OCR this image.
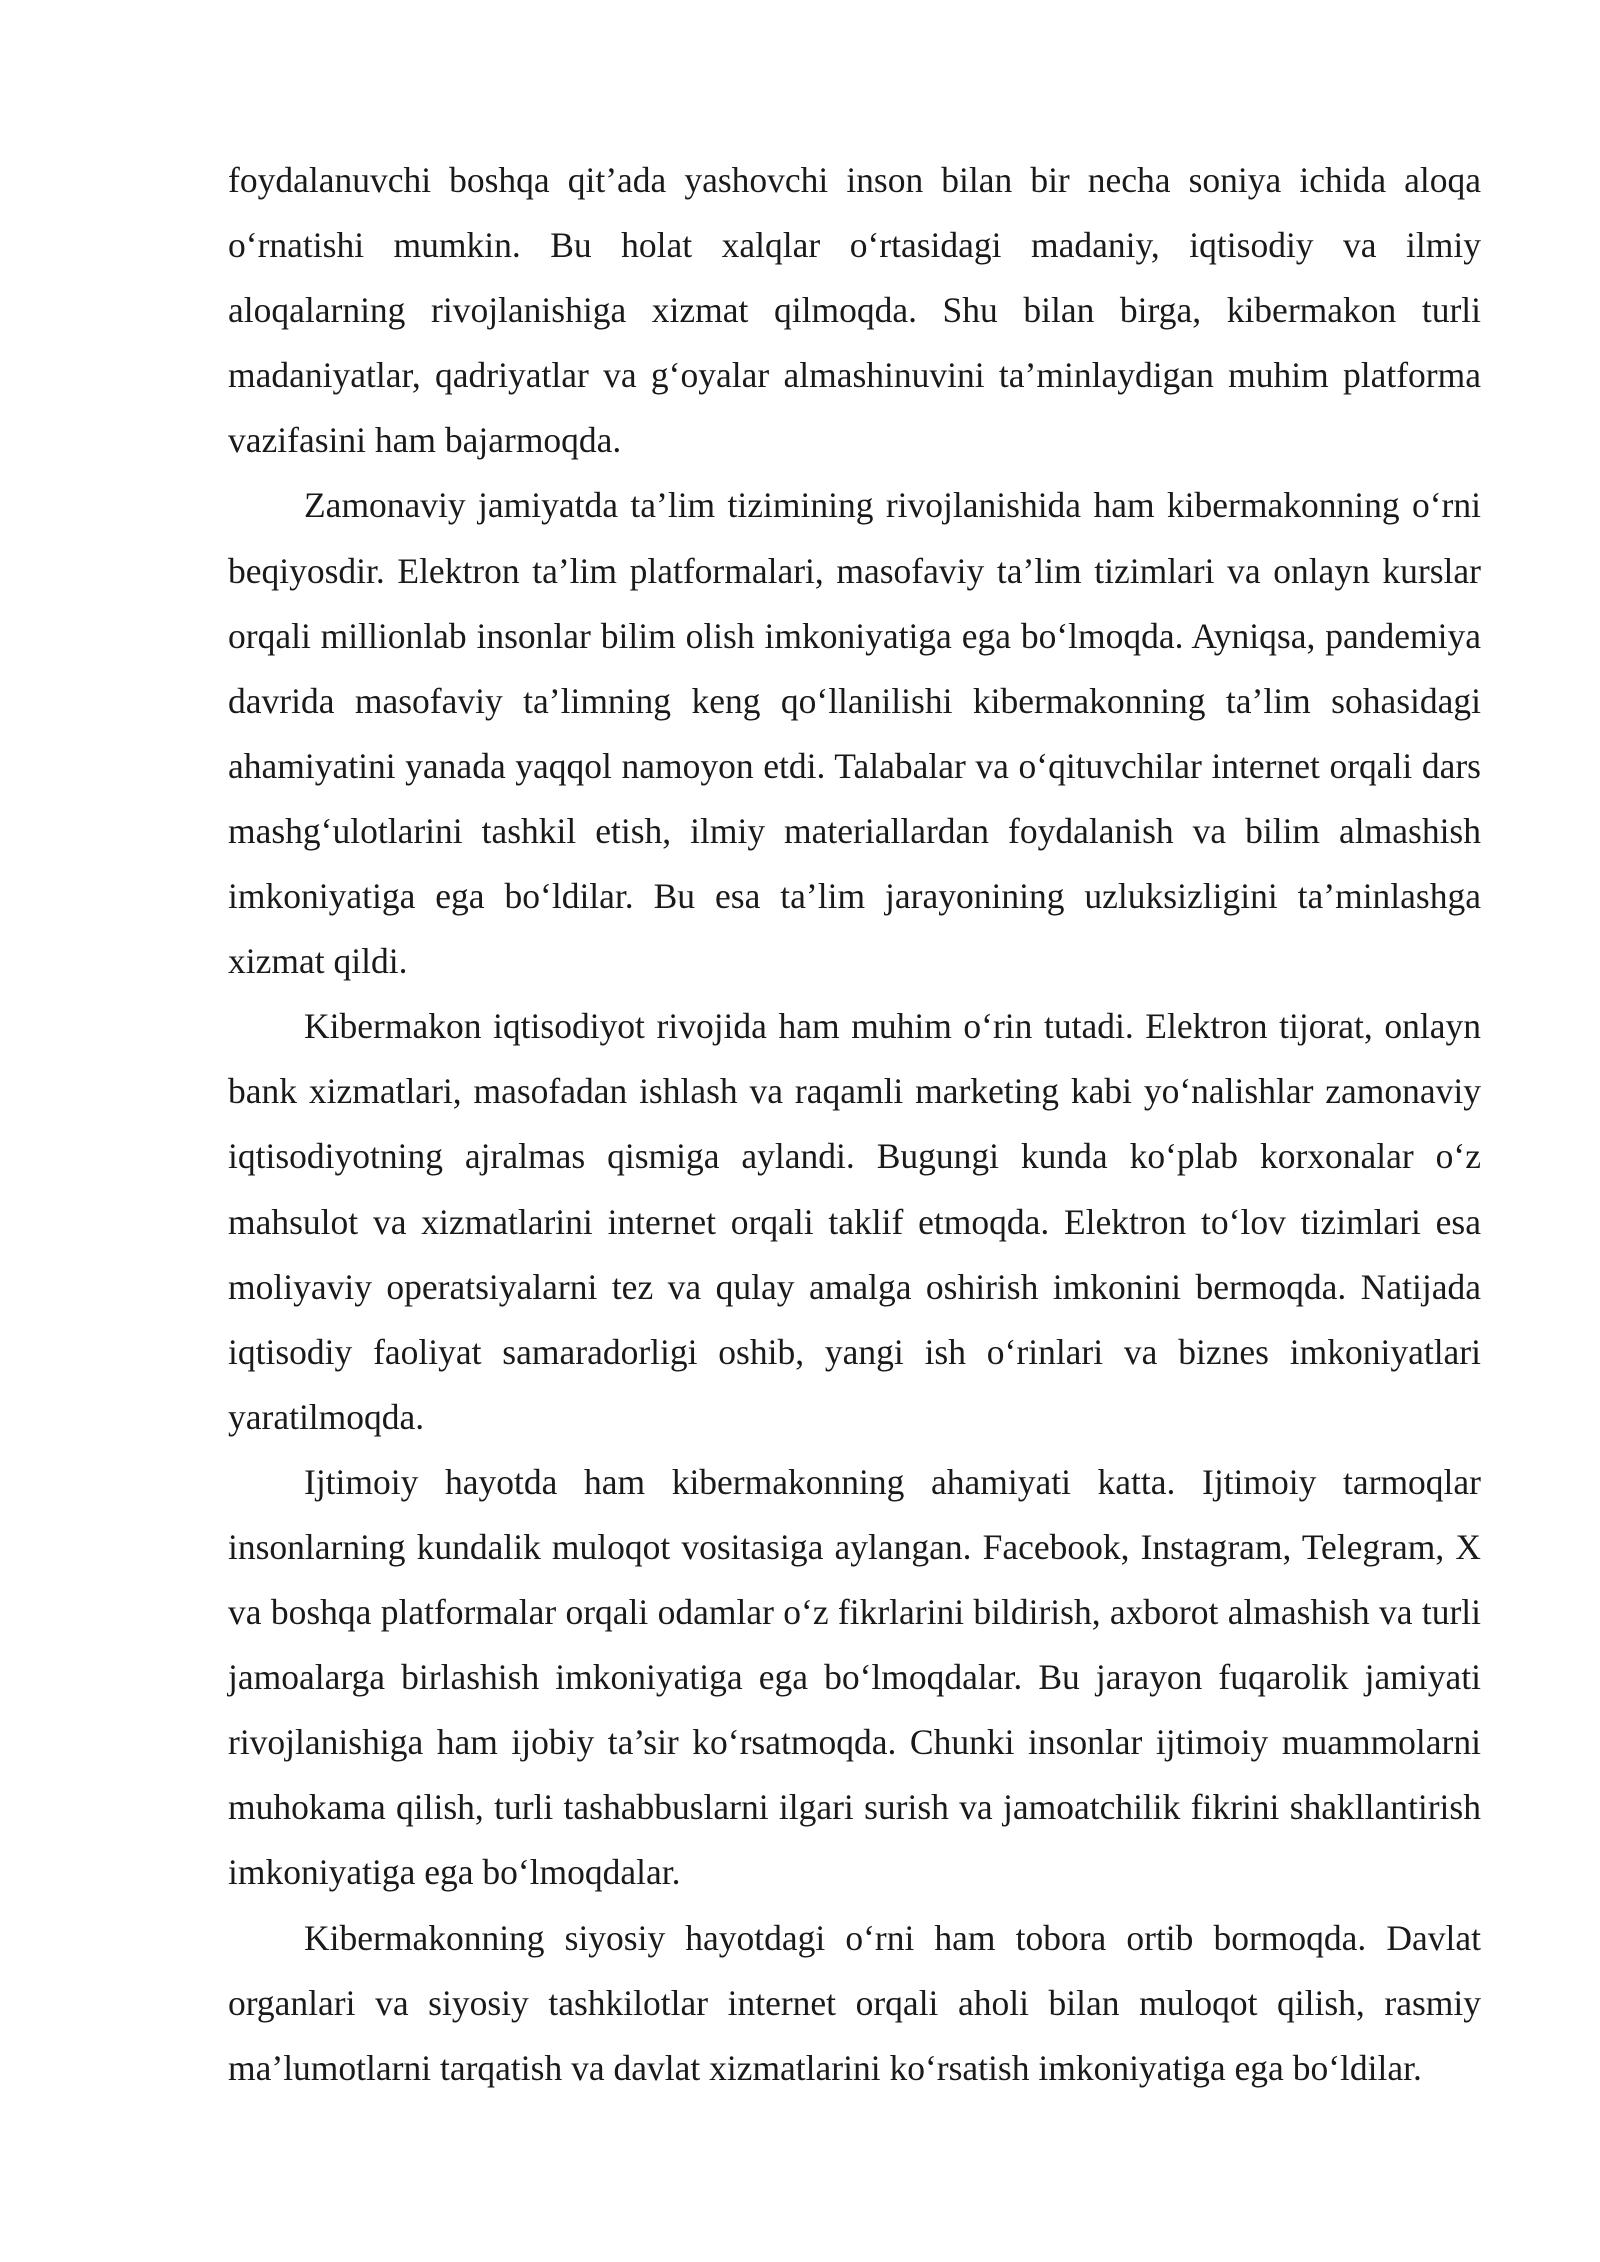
foydalanuvchi boshqa qit’ada yashovchi inson bilan bir necha soniya ichida aloqa o‘rnatishi mumkin. Bu holat xalqlar o‘rtasidagi madaniy, iqtisodiy va ilmiy aloqalarning rivojlanishiga xizmat qilmoqda. Shu bilan birga, kibermakon turli madaniyatlar, qadriyatlar va g‘oyalar almashinuvini ta’minlaydigan muhim platforma vazifasini ham bajarmoqda.

Zamonaviy jamiyatda ta’lim tizimining rivojlanishida ham kibermakonning o‘rni beqiyosdir. Elektron ta’lim platformalari, masofaviy ta’lim tizimlari va onlayn kurslar orqali millionlab insonlar bilim olish imkoniyatiga ega bo‘lmoqda. Ayniqsa, pandemiya davrida masofaviy ta’limning keng qo‘llanilishi kibermakonning ta’lim sohasidagi ahamiyatini yanada yaqqol namoyon etdi. Talabalar va o‘qituvchilar internet orqali dars mashg‘ulotlarini tashkil etish, ilmiy materiallardan foydalanish va bilim almashish imkoniyatiga ega bo‘ldilar. Bu esa ta’lim jarayonining uzluksizligini ta’minlashga xizmat qildi.

Kibermakon iqtisodiyot rivojida ham muhim o‘rin tutadi. Elektron tijorat, onlayn bank xizmatlari, masofadan ishlash va raqamli marketing kabi yo‘nalishlar zamonaviy iqtisodiyotning ajralmas qismiga aylandi. Bugungi kunda ko‘plab korxonalar o‘z mahsulot va xizmatlarini internet orqali taklif etmoqda. Elektron to‘lov tizimlari esa moliyaviy operatsiyalarni tez va qulay amalga oshirish imkonini bermoqda. Natijada iqtisodiy faoliyat samaradorligi oshib, yangi ish o‘rinlari va biznes imkoniyatlari yaratilmoqda.

Ijtimoiy hayotda ham kibermakonning ahamiyati katta. Ijtimoiy tarmoqlar insonlarning kundalik muloqot vositasiga aylangan. Facebook, Instagram, Telegram, X va boshqa platformalar orqali odamlar o‘z fikrlarini bildirish, axborot almashish va turli jamoalarga birlashish imkoniyatiga ega bo‘lmoqdalar. Bu jarayon fuqarolik jamiyati rivojlanishiga ham ijobiy ta’sir ko‘rsatmoqda. Chunki insonlar ijtimoiy muammolarni muhokama qilish, turli tashabbuslarni ilgari surish va jamoatchilik fikrini shakllantirish imkoniyatiga ega bo‘lmoqdalar.

Kibermakonning siyosiy hayotdagi o‘rni ham tobora ortib bormoqda. Davlat organlari va siyosiy tashkilotlar internet orqali aholi bilan muloqot qilish, rasmiy ma’lumotlarni tarqatish va davlat xizmatlarini ko‘rsatish imkoniyatiga ega bo‘ldilar.
